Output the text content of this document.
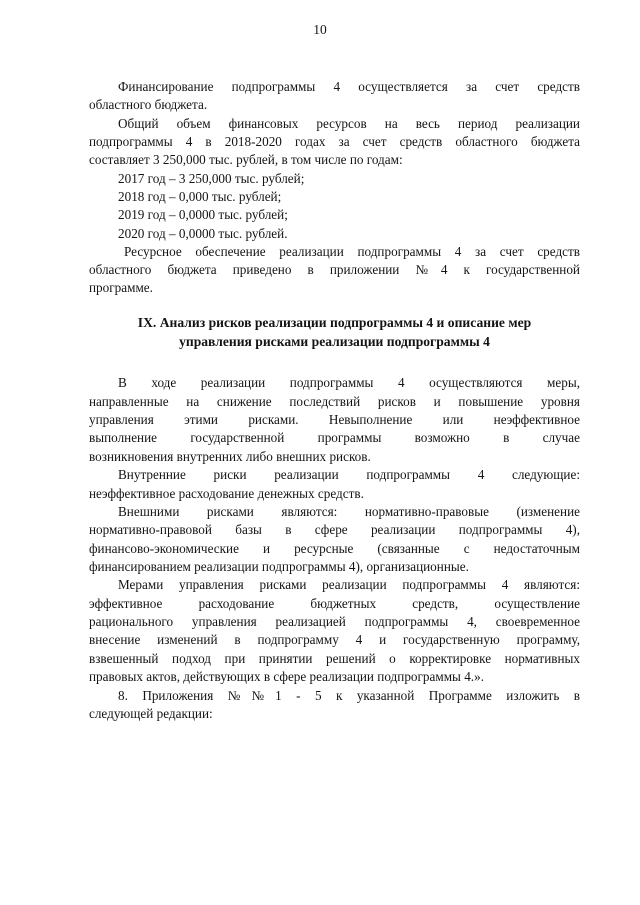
10
Финансирование подпрограммы 4 осуществляется за счет средств
областного бюджета.
Общий объем финансовых ресурсов на весь период реализации
подпрограммы 4 в 2018-2020 годах за счет средств областного бюджета
составляет 3 250,000 тыс. рублей, в том числе по годам:
2017 год – 3 250,000 тыс. рублей;
2018 год – 0,000 тыс. рублей;
2019 год – 0,0000 тыс. рублей;
2020 год – 0,0000 тыс. рублей.
Ресурсное обеспечение реализации подпрограммы 4 за счет средств
областного бюджета приведено в приложении №4 к государственной
программе.
IX. Анализ рисков реализации подпрограммы 4 и описание мер
управления рисками реализации подпрограммы 4
В ходе реализации подпрограммы 4 осуществляются меры,
направленные на снижение последствий рисков и повышение уровня
управления этими рисками. Невыполнение или неэффективное
выполнение государственной программы возможно в случае
возникновения внутренних либо внешних рисков.
Внутренние риски реализации подпрограммы 4 следующие:
неэффективное расходование денежных средств.
Внешними рисками являются: нормативно-правовые (изменение
нормативно-правовой базы в сфере реализации подпрограммы 4),
финансово-экономические и ресурсные (связанные с недостаточным
финансированием реализации подпрограммы 4), организационные.
Мерами управления рисками реализации подпрограммы 4 являются:
эффективное расходование бюджетных средств, осуществление
рационального управления реализацией подпрограммы 4, своевременное
внесение изменений в подпрограмму 4 и государственную программу,
взвешенный подход при принятии решений о корректировке нормативных
правовых актов, действующих в сфере реализации подпрограммы 4.».
8. Приложения №№1 - 5 к указанной Программе изложить в
следующей редакции:
